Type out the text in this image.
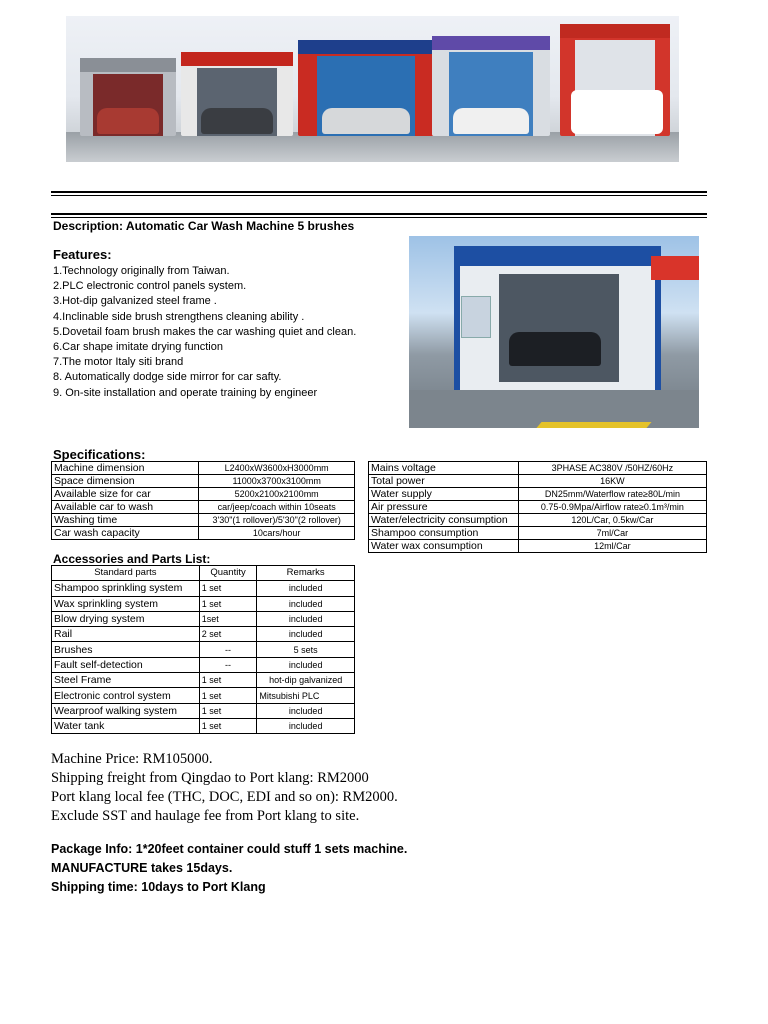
Description: Automatic Car Wash Machine 5 brushes
Features:
1.Technology originally from Taiwan.
2.PLC electronic control panels system.
3.Hot-dip galvanized steel frame .
4.Inclinable side brush strengthens cleaning ability .
5.Dovetail foam brush makes the car washing quiet and clean.
6.Car shape imitate drying function
7.The motor Italy siti brand
8. Automatically dodge side mirror for car safty.
9. On-site installation and operate training by engineer
Specifications:
Machine dimension	L2400xW3600xH3000mm
Space dimension	11000x3700x3100mm
Available size for car	5200x2100x2100mm
Available car to wash	car/jeep/coach within 10seats
Washing time	3'30"(1 rollover)/5'30"(2 rollover)
Car wash capacity	10cars/hour
Mains voltage	3PHASE AC380V /50HZ/60Hz
Total power	16KW
Water supply	DN25mm/Waterflow rate≥80L/min
Air pressure	0.75-0.9Mpa/Airflow rate≥0.1m³/min
Water/electricity consumption	120L/Car, 0.5kw/Car
Shampoo consumption	7ml/Car
Water wax consumption	12ml/Car
Accessories and Parts List:
Standard parts	Quantity	Remarks
Shampoo sprinkling system	1 set	included
Wax sprinkling system	1 set	included
Blow drying system	1set	included
Rail	2 set	included
Brushes	--	5 sets
Fault self-detection	--	included
Steel Frame	1 set	hot-dip galvanized
Electronic control system	1 set	Mitsubishi PLC
Wearproof walking system	1 set	included
Water tank	1 set	included
Machine Price: RM105000.
Shipping freight from Qingdao to Port klang: RM2000
Port klang local fee (THC, DOC, EDI and so on): RM2000.
Exclude SST and haulage fee from Port klang to site.
Package Info: 1*20feet container could stuff 1 sets machine.
MANUFACTURE takes 15days.
Shipping time: 10days to Port Klang
